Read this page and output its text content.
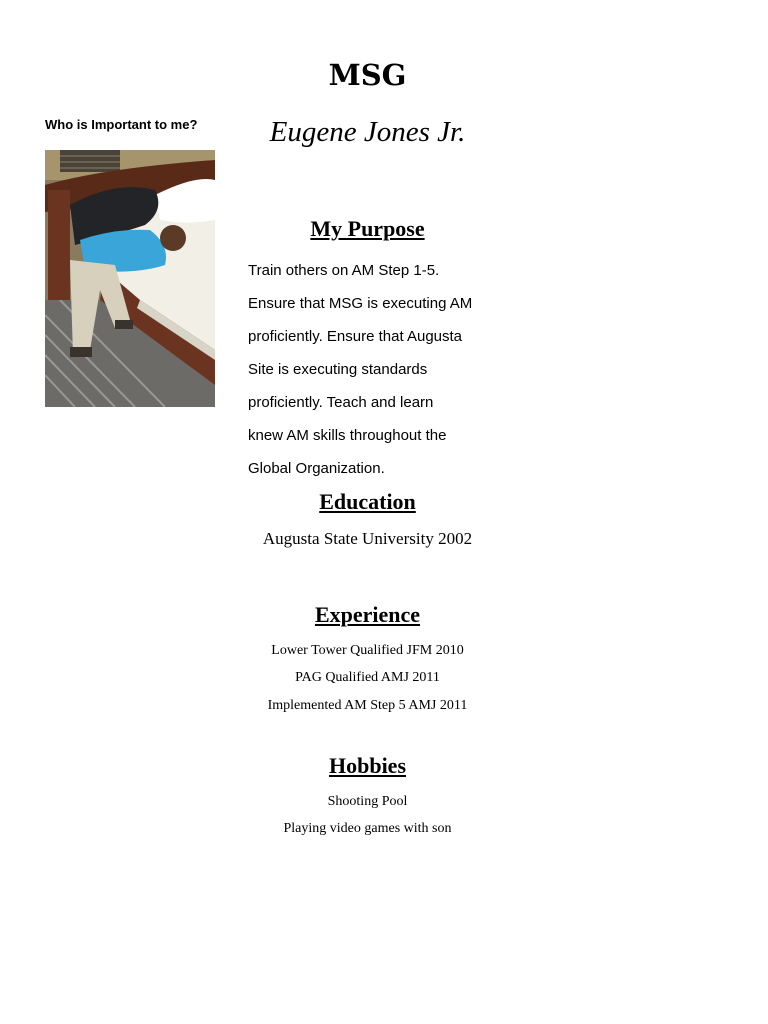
MSG
Eugene Jones Jr.
Who is Important to me?
My Purpose
Train others on AM Step 1-5.
Ensure that MSG is executing AM
proficiently. Ensure that Augusta
Site is executing standards
proficiently. Teach and learn
knew AM skills throughout the
Global Organization.
Education
Augusta State University 2002
Experience
Lower Tower Qualified JFM 2010
PAG Qualified AMJ 2011
Implemented AM Step 5 AMJ 2011
Hobbies
Shooting Pool
Playing video games with son
